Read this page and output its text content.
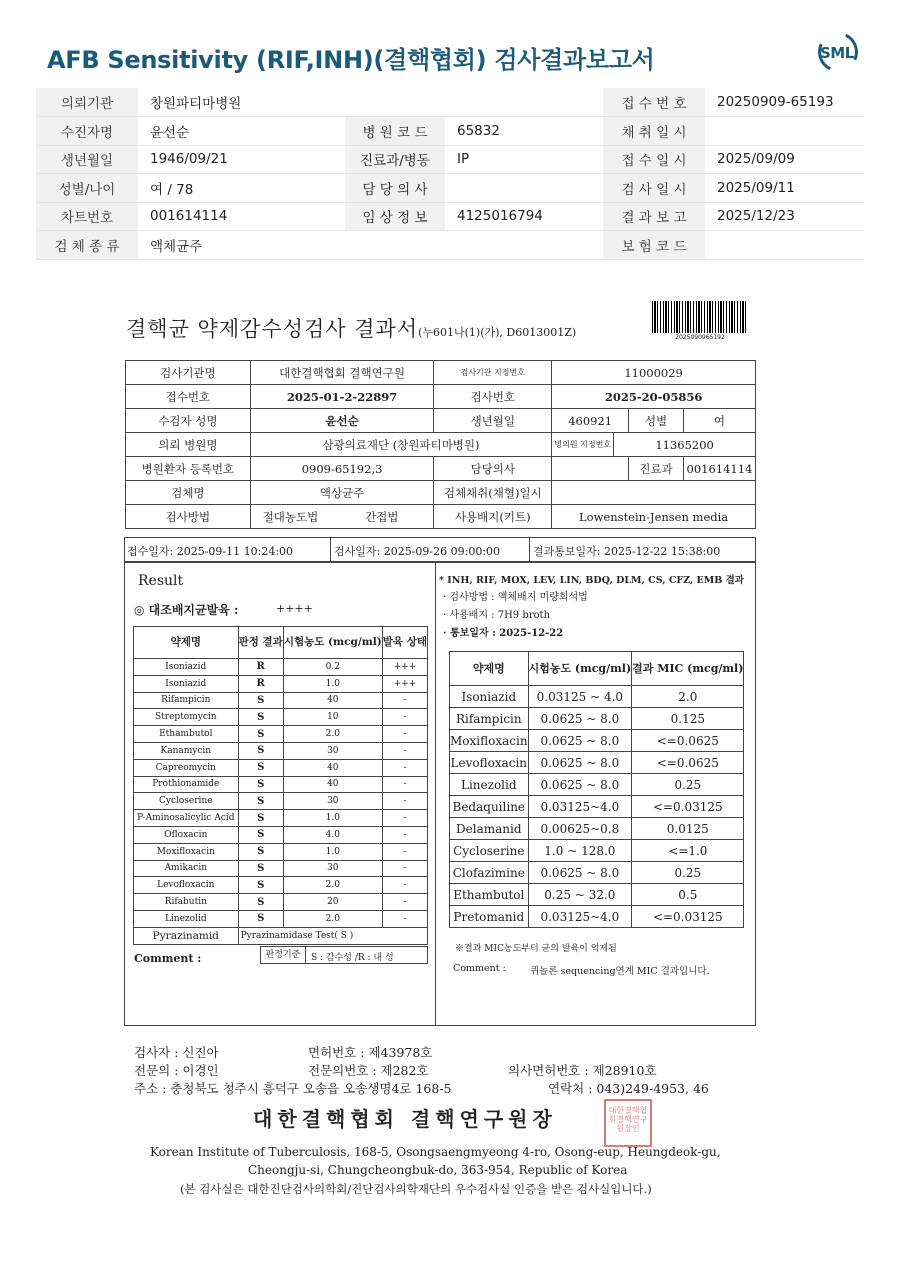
AFB Sensitivity (RIF,INH)(결핵협회) 검사결과보고서	SML
의뢰기관	창원파티마병원			접 수 번 호	20250909-65193
수진자명	윤선순	병 원 코 드	65832	채 취 일 시	
생년월일	1946/09/21	진료과/병동	IP	접 수 일 시	2025/09/09
성별/나이	여 / 78	담 당 의 사		검 사 일 시	2025/09/11
차트번호	001614114	임 상 정 보	4125016794	결 과 보 고	2025/12/23
검 체 종 류	액체균주			보 험 코 드	
결핵균 약제감수성검사 결과서(누601나(1)(가), D6013001Z)	2025090965192
검사기관명	대한결핵협회 결핵연구원		검사기관 지정번호	11000029			
접수번호	2025-01-2-22897		검사번호	2025-20-05856			
수검자 성명	윤선순		생년월일	460921		성별	여
의뢰 병원명	삼광의료재단 (창원파티마병원)			병의원 지정번호	11365200		
병원환자 등록번호	0909-65192,3		담당의사			진료과	001614114
검체명	액상균주		검체채취(채혈)일시				
검사방법	절대농도법	간접법	사용배지(키트)	Lowenstein-Jensen media			
접수일자: 2025-09-11 10:24:00	검사일자: 2025-09-26 09:00:00	결과통보일자: 2025-12-22 15:38:00
Result
◎ 대조배지균발육 :	++++
약제명	판정 결과	시험농도 (mcg/ml)	발육 상태
Isoniazid	R	0.2	+++
Isoniazid	R	1.0	+++
Rifampicin	S	40	-
Streptomycin	S	10	-
Ethambutol	S	2.0	-
Kanamycin	S	30	-
Capreomycin	S	40	-
Prothionamide	S	40	-
Cycloserine	S	30	-
P-Aminosalicylic Acid	S	1.0	-
Ofloxacin	S	4.0	-
Moxifloxacin	S	1.0	-
Amikacin	S	30	-
Levofloxacin	S	2.0	-
Rifabutin	S	20	-
Linezolid	S	2.0	-
Pyrazinamid	Pyrazinamidase Test( S )		
판정기준	S : 감수성 /R : 내 성
Comment :
* INH, RIF, MOX, LEV, LIN, BDQ, DLM, CS, CFZ, EMB 결과
· 검사방법 : 액체배지 미량희석법
· 사용배지 : 7H9 broth
· 통보일자 : 2025-12-22
약제명	시험농도 (mcg/ml)	결과 MIC (mcg/ml)
Isoniazid	0.03125 ~ 4.0	2.0
Rifampicin	0.0625 ~ 8.0	0.125
Moxifloxacin	0.0625 ~ 8.0	<=0.0625
Levofloxacin	0.0625 ~ 8.0	<=0.0625
Linezolid	0.0625 ~ 8.0	0.25
Bedaquiline	0.03125~4.0	<=0.03125
Delamanid	0.00625~0.8	0.0125
Cycloserine	1.0 ~ 128.0	<=1.0
Clofazimine	0.0625 ~ 8.0	0.25
Ethambutol	0.25 ~ 32.0	0.5
Pretomanid	0.03125~4.0	<=0.03125
※결과 MIC농도부터 균의 발육이 억제됨
Comment :	퀴놀론 sequencing연계 MIC 결과입니다.
검사자 : 신진아	면허번호 : 제43978호
전문의 : 이경인	전문의번호 : 제282호	의사면허번호 : 제28910호
주소 : 충청북도 청주시 흥덕구 오송읍 오송생명4로 168-5	연락처 : 043)249-4953, 46
대한결핵협회 결핵연구원장	대한결핵협회결핵연구원장인
Korean Institute of Tuberculosis, 168-5, Osongsaengmyeong 4-ro, Osong-eup, Heungdeok-gu,
Cheongju-si, Chungcheongbuk-do, 363-954, Republic of Korea
(본 검사실은 대한진단검사의학회/진단검사의학재단의 우수검사실 인증을 받은 검사실입니다.)
